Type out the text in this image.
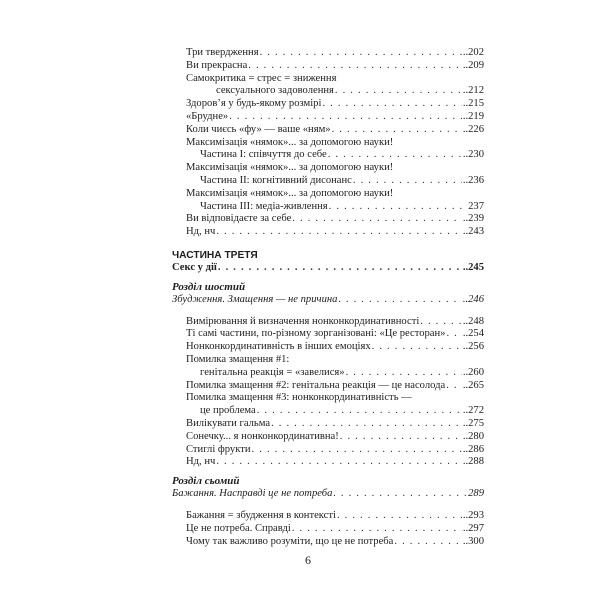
Три твердження . . .	..202
Ви прекрасна . . .	..209
Самокритика = стрес = зниження
сексуального задоволення . . .	..212
Здоров’я у будь-якому розмірі . . .	..215
«Брудне» . . .	..219
Коли чиєсь «фу» — ваше «ням» . . .	..226
Максимізація «нямок»... за допомогою науки!
Частина І: співчуття до себе . . .	..230
Максимізація «нямок»... за допомогою науки!
Частина ІІ: когнітивний дисонанс . . .	..236
Максимізація «нямок»... за допомогою науки!
Частина ІІІ: медіа-живлення . . .	237
Ви відповідаєте за себе . . .	..239
Нд, нч . . .	..243
ЧАСТИНА ТРЕТЯ
Секс у дії . . .	..245
Розділ шостий
Збудження. Змащення — не причина . . .	..246
Вимірювання й визначення нонконкординативності . . .	..248
Ті самі частини, по-різному зорганізовані: «Це ресторан» . . . ..254
Нонконкординативність в інших емоціях . . .	..256
Помилка змащення #1:
генітальна реакція = «завелися» . . .	..260
Помилка змащення #2: генітальна реакція — це насолода . . . ..265
Помилка змащення #3: нонконкординативність —
це проблема . . .	..272
Вилікувати гальма . . .	..275
Сонечку... я нонконкординативна! . . .	..280
Стиглі фрукти . . .	..286
Нд, нч . . .	..288
Розділ сьомий
Бажання. Насправді це не потреба . . .	289
Бажання = збудження в контексті . . .	..293
Це не потреба. Справді . . .	..297
Чому так важливо розуміти, що це не потреба . . .	..300
6
